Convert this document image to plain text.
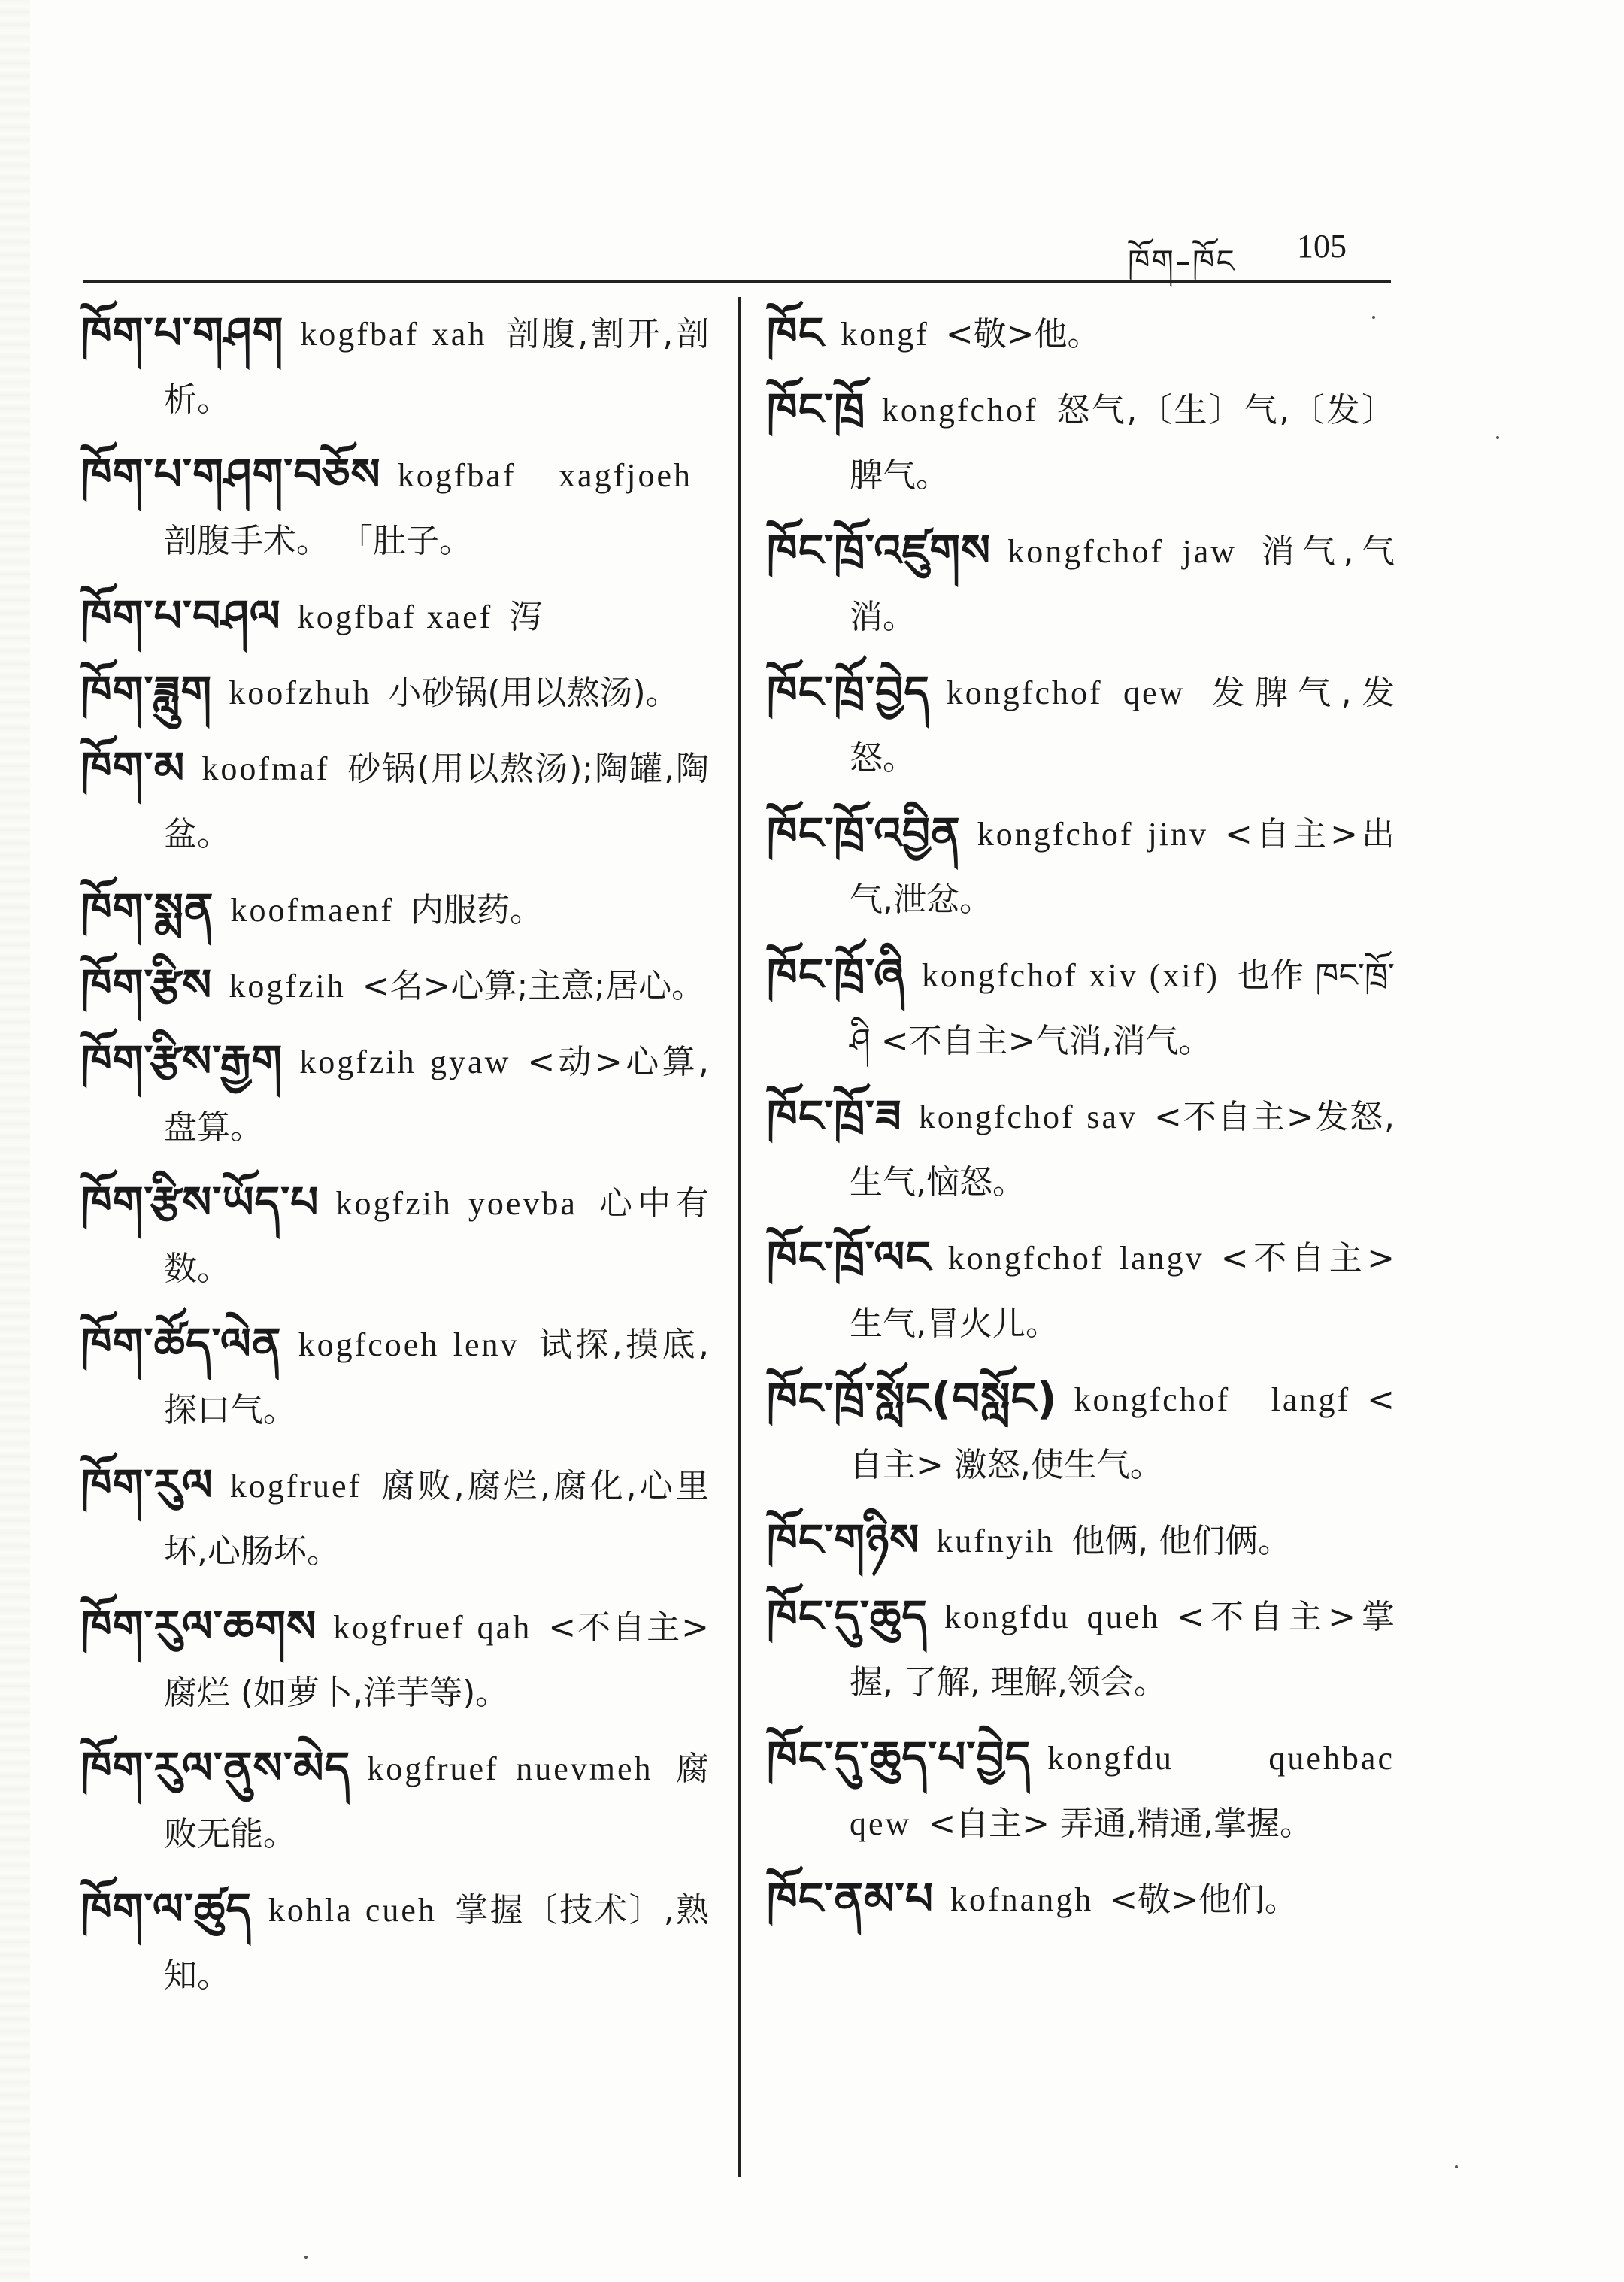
ཁོག–ཁོང 105

ཁོག་པ་གཤག kogfbaf xah 剖腹,割开,剖析。

ཁོག་པ་གཤག་བཅོས kogfbaf xagfjoeh剖腹手术。 「肚子。

ཁོག་པ་བཤལ kogfbaf xaef 泻

ཁོག་ཟླུག koofzhuh 小砂锅(用以熬汤)。

ཁོག་མ koofmaf 砂锅(用以熬汤);陶罐,陶盆。

ཁོག་སྨན koofmaenf 内服药。

ཁོག་རྩིས kogfzih <名>心算;主意;居心。

ཁོག་རྩིས་རྒྱག kogfzih gyaw <动>心算,盘算。

ཁོག་རྩིས་ཡོད་པ kogfzih yoevba 心中有数。

ཁོག་ཚོད་ལེན kogfcoeh lenv 试探,摸底,探口气。

ཁོག་རུལ kogfruef 腐败,腐烂,腐化,心里坏,心肠坏。

ཁོག་རུལ་ཆགས kogfruef qah <不自主> 腐烂 (如萝卜,洋芋等)。

ཁོག་རུལ་ནུས་མེད kogfruef nuevmeh 腐败无能。

ཁོག་ལ་ཚུད kohla cueh 掌握〔技术〕,熟知。

ཁོང kongf <敬>他。

ཁོང་ཁྲོ kongfchof 怒气,〔生〕气,〔发〕脾气。

ཁོང་ཁྲོ་འཛུགས kongfchof jaw 消气,气消。

ཁོང་ཁྲོ་བྱེད kongfchof qew 发脾气,发怒。

ཁོང་ཁྲོ་འབྱིན kongfchof jinv <自主>出气,泄忿。

ཁོང་ཁྲོ་ཞི kongfchof xiv (xif) 也作 ཁང་ཁྲོ་ཤི <不自主>气消,消气。

ཁོང་ཁྲོ་ཟ kongfchof sav <不自主>发怒,生气,恼怒。

ཁོང་ཁྲོ་ལང kongfchof langv <不自主>生气,冒火儿。

ཁོང་ཁྲོ་སློང(བསློང) kongfchof langf <自主> 激怒,使生气。

ཁོང་གཉིས kufnyih 他俩, 他们俩。

ཁོང་དུ་ཆུད kongfdu queh <不自主>掌握, 了解, 理解,领会。

ཁོང་དུ་ཆུད་པ་བྱེད kongfdu quehbac qew <自主> 弄通,精通,掌握。

ཁོང་ནམ་པ kofnangh <敬>他们。
